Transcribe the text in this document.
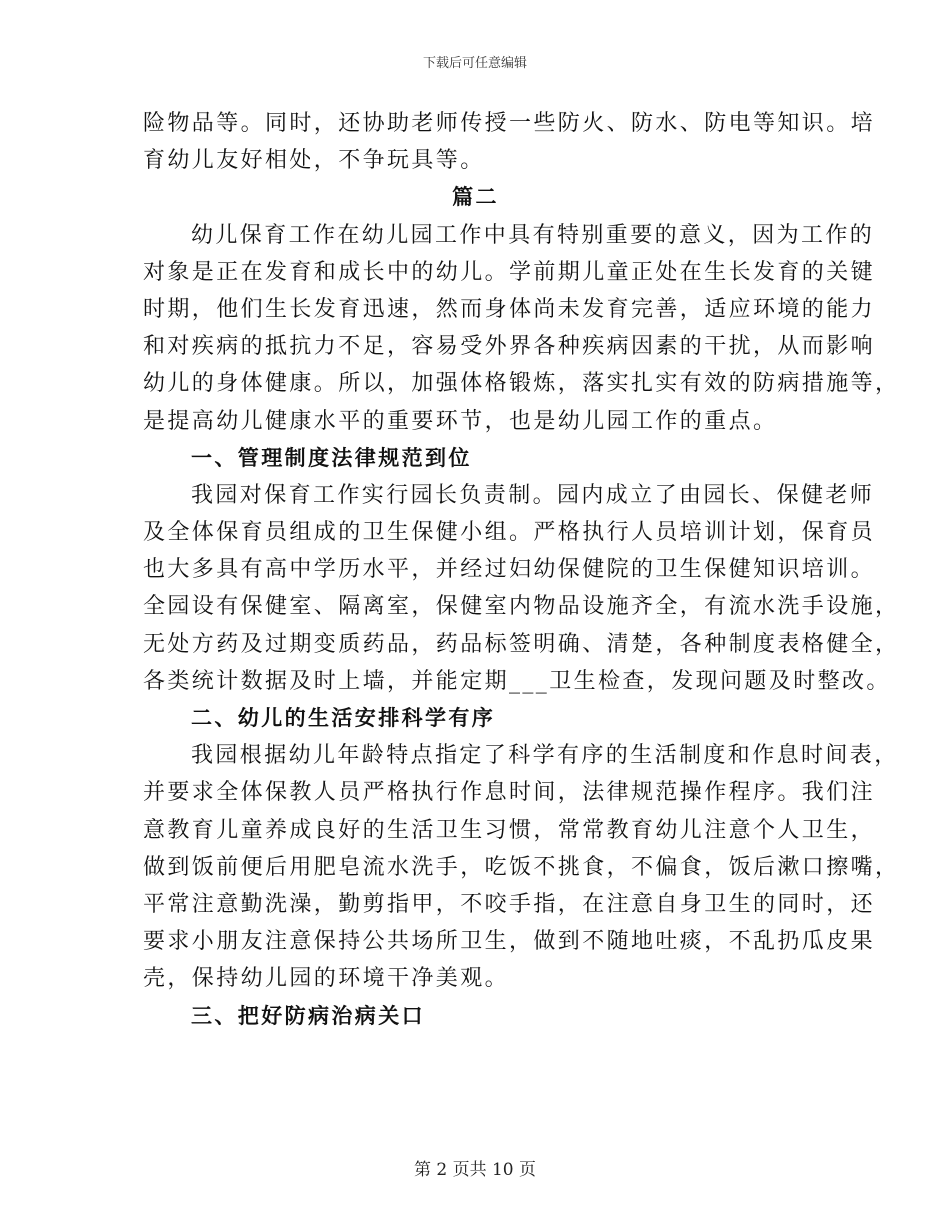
下载后可任意编辑
险物品等。同时，还协助老师传授一些防火、防水、防电等知识。培
育幼儿友好相处，不争玩具等。
篇二
幼儿保育工作在幼儿园工作中具有特别重要的意义，因为工作的
对象是正在发育和成长中的幼儿。学前期儿童正处在生长发育的关键
时期，他们生长发育迅速，然而身体尚未发育完善，适应环境的能力
和对疾病的抵抗力不足，容易受外界各种疾病因素的干扰，从而影响
幼儿的身体健康。所以，加强体格锻炼，落实扎实有效的防病措施等，
是提高幼儿健康水平的重要环节，也是幼儿园工作的重点。
一、管理制度法律规范到位
我园对保育工作实行园长负责制。园内成立了由园长、保健老师
及全体保育员组成的卫生保健小组。严格执行人员培训计划，保育员
也大多具有高中学历水平，并经过妇幼保健院的卫生保健知识培训。
全园设有保健室、隔离室，保健室内物品设施齐全，有流水洗手设施，
无处方药及过期变质药品，药品标签明确、清楚，各种制度表格健全，
各类统计数据及时上墙，并能定期___卫生检查，发现问题及时整改。
二、幼儿的生活安排科学有序
我园根据幼儿年龄特点指定了科学有序的生活制度和作息时间表，
并要求全体保教人员严格执行作息时间，法律规范操作程序。我们注
意教育儿童养成良好的生活卫生习惯，常常教育幼儿注意个人卫生，
做到饭前便后用肥皂流水洗手，吃饭不挑食，不偏食，饭后漱口擦嘴，
平常注意勤洗澡，勤剪指甲，不咬手指，在注意自身卫生的同时，还
要求小朋友注意保持公共场所卫生，做到不随地吐痰，不乱扔瓜皮果
壳，保持幼儿园的环境干净美观。
三、把好防病治病关口
第 2 页共 10 页
